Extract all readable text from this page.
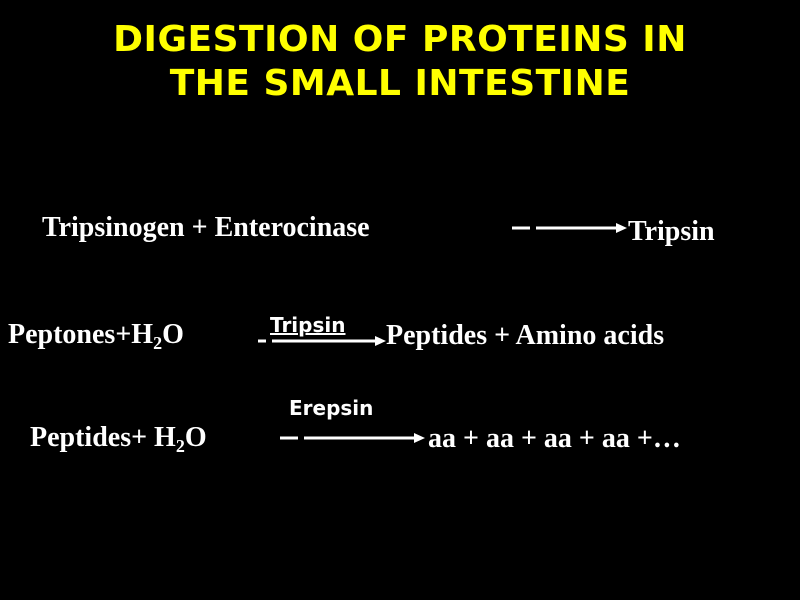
DIGESTION OF PROTEINS IN
THE SMALL INTESTINE
Tripsinogen + Enterocinase	Tripsin
$Peptones+H_2O$	Tripsin Peptides + Amino acids
Erepsin
Peptides+ $H_2O$	aa + aa + aa + aa +…
